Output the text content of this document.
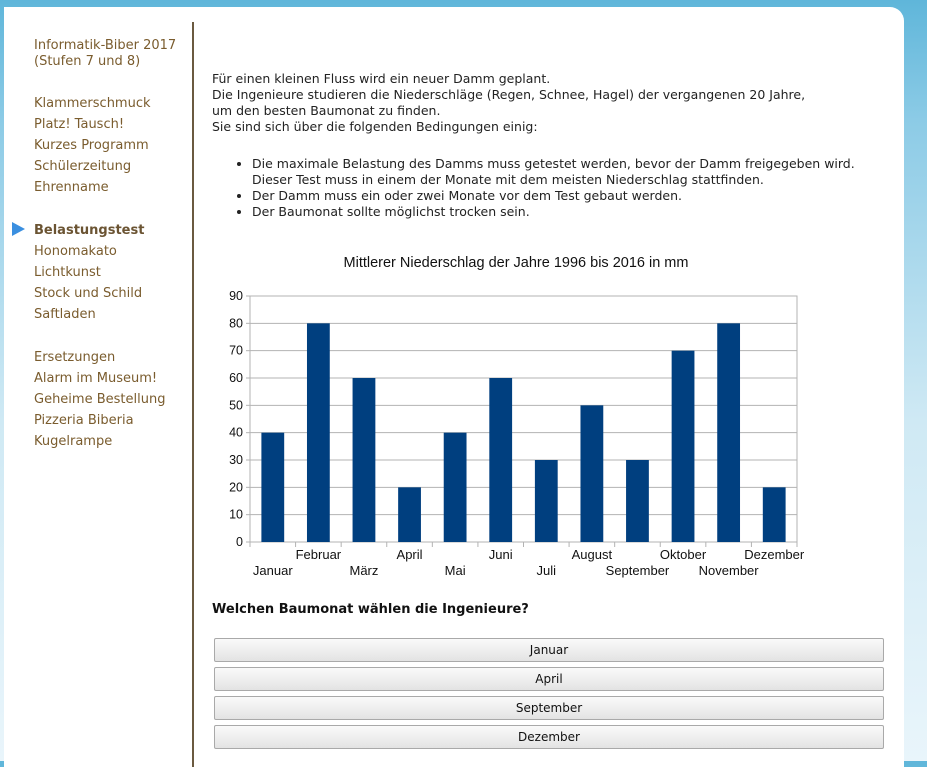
Informatik-Biber 2017
(Stufen 7 und 8)
Klammerschmuck
Platz! Tausch!
Kurzes Programm
Schülerzeitung
Ehrenname
Belastungstest
Honomakato
Lichtkunst
Stock und Schild
Saftladen
Ersetzungen
Alarm im Museum!
Geheime Bestellung
Pizzeria Biberia
Kugelrampe
Für einen kleinen Fluss wird ein neuer Damm geplant.
Die Ingenieure studieren die Niederschläge (Regen, Schnee, Hagel) der vergangenen 20 Jahre,
um den besten Baumonat zu finden.
Sie sind sich über die folgenden Bedingungen einig:
• Die maximale Belastung des Damms muss getestet werden, bevor der Damm freigegeben wird.
Dieser Test muss in einem der Monate mit dem meisten Niederschlag stattfinden.
• Der Damm muss ein oder zwei Monate vor dem Test gebaut werden.
• Der Baumonat sollte möglichst trocken sein.
Mittlerer Niederschlag der Jahre 1996 bis 2016 in mm
0
10
20
30
40
50
60
70
80
90
Januar
Februar
März
April
Mai
Juni
Juli
August
September
Oktober
November
Dezember
Welchen Baumonat wählen die Ingenieure?
Januar
April
September
Dezember
